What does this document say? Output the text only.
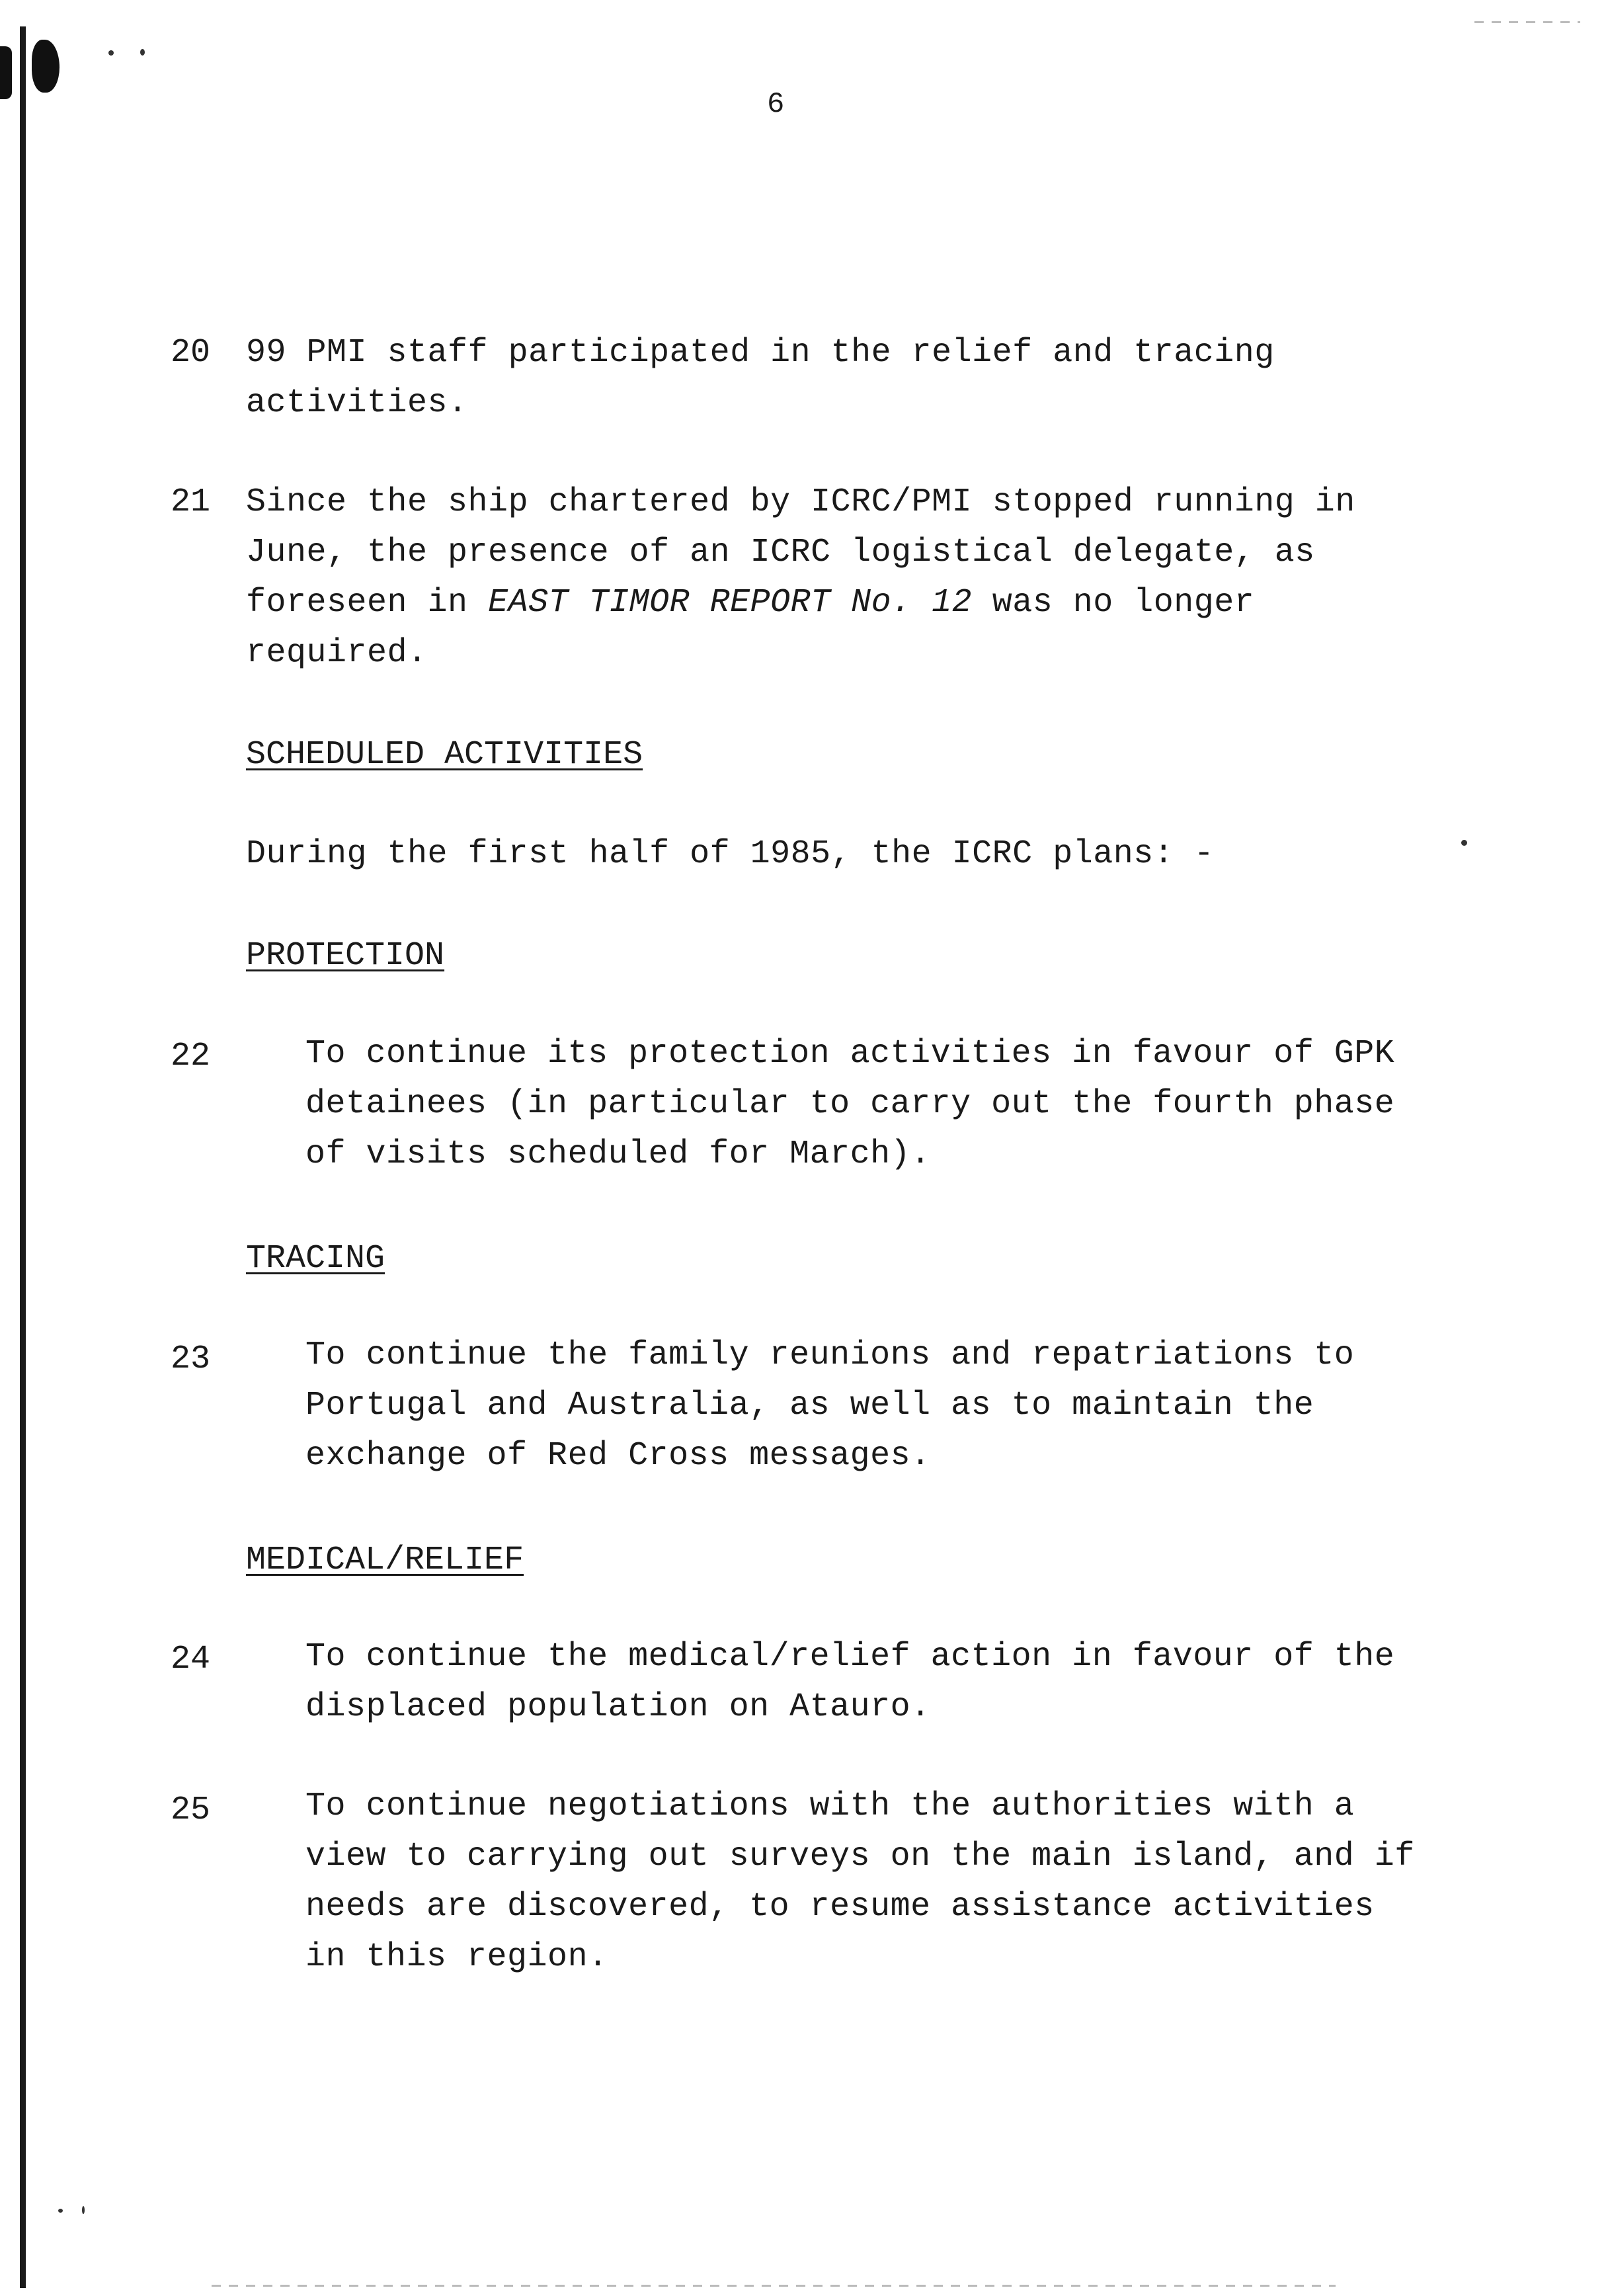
6
20 99 PMI staff participated in the relief and tracing
activities.
21 Since the ship chartered by ICRC/PMI stopped running in
June, the presence of an ICRC logistical delegate, as
foreseen in EAST TIMOR REPORT No. 12 was no longer
required.
SCHEDULED ACTIVITIES
During the first half of 1985, the ICRC plans: -
PROTECTION
22	To continue its protection activities in favour of GPK
detainees (in particular to carry out the fourth phase
of visits scheduled for March).
TRACING
23	To continue the family reunions and repatriations to
Portugal and Australia, as well as to maintain the
exchange of Red Cross messages.
MEDICAL/RELIEF
24	To continue the medical/relief action in favour of the
displaced population on Atauro.
25	To continue negotiations with the authorities with a
view to carrying out surveys on the main island, and if
needs are discovered, to resume assistance activities
in this region.
